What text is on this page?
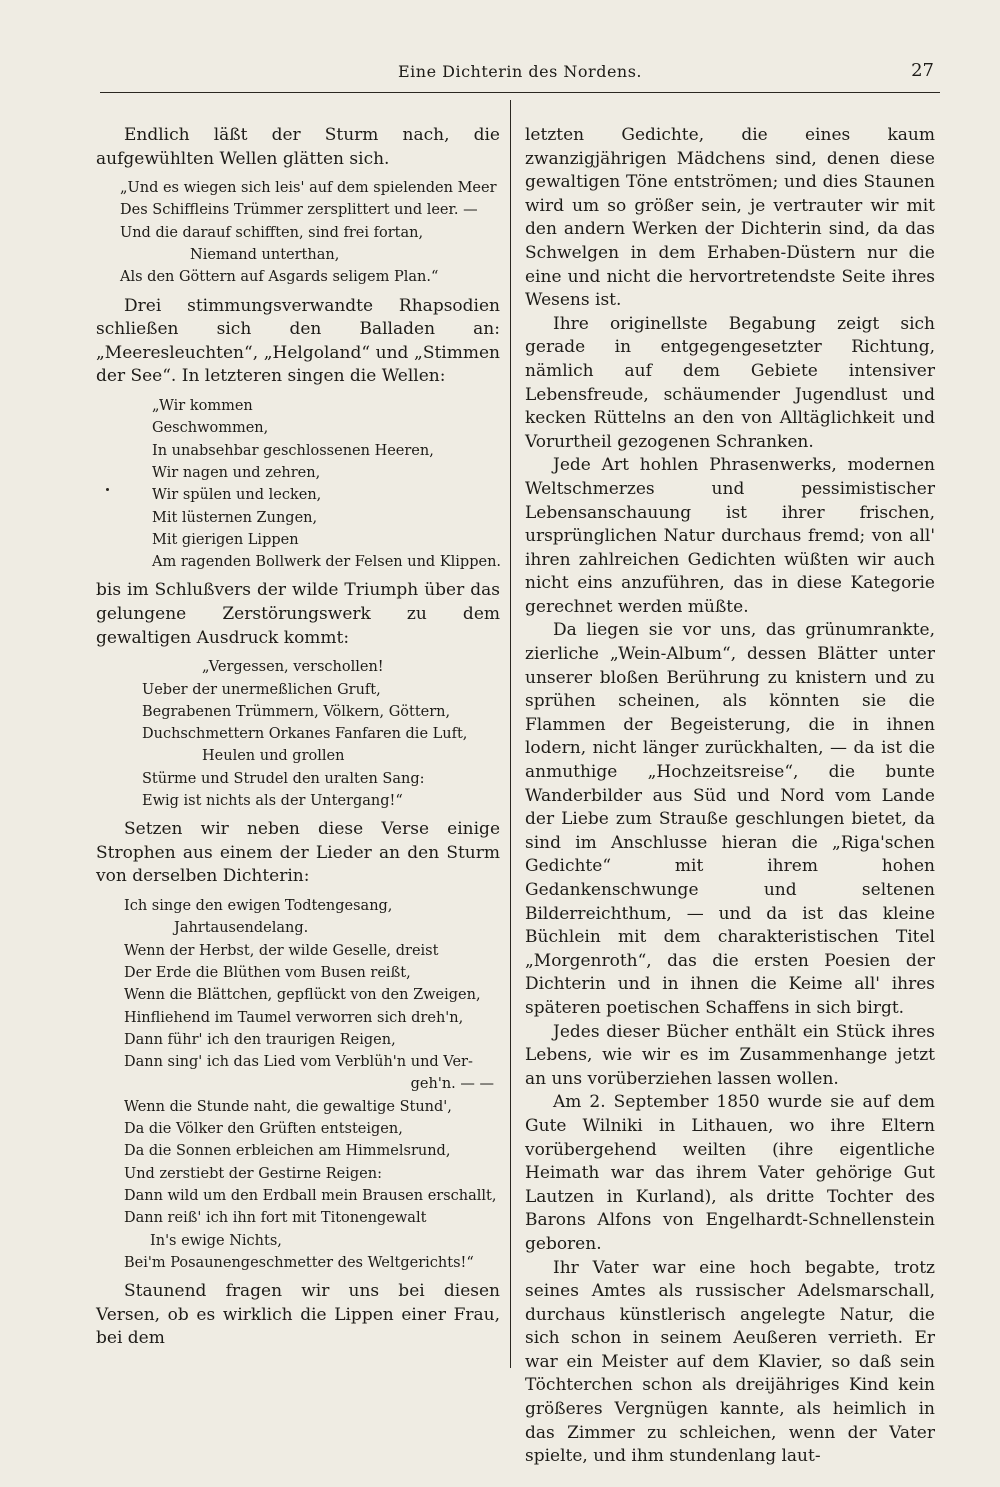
Eine Dichterin des Nordens.	27

Endlich läßt der Sturm nach, die aufgewühlten Wellen glätten sich.

„Und es wiegen sich leis' auf dem spielenden Meer
Des Schiffleins Trümmer zersplittert und leer. —
Und die darauf schifften, sind frei fortan,
Niemand unterthan,
Als den Göttern auf Asgards seligem Plan.“

Drei stimmungsverwandte Rhapsodien schließen sich den Balladen an: „Meeresleuchten“, „Helgoland“ und „Stimmen der See“. In letzteren singen die Wellen:

„Wir kommen
Geschwommen,
In unabsehbar geschlossenen Heeren,
Wir nagen und zehren,
Wir spülen und lecken,
Mit lüsternen Zungen,
Mit gierigen Lippen
Am ragenden Bollwerk der Felsen und Klippen.

bis im Schlußvers der wilde Triumph über das gelungene Zerstörungswerk zu dem gewaltigen Ausdruck kommt:

„Vergessen, verschollen!
Ueber der unermeßlichen Gruft,
Begrabenen Trümmern, Völkern, Göttern,
Duchschmettern Orkanes Fanfaren die Luft,
Heulen und grollen
Stürme und Strudel den uralten Sang:
Ewig ist nichts als der Untergang!“

Setzen wir neben diese Verse einige Strophen aus einem der Lieder an den Sturm von derselben Dichterin:

Ich singe den ewigen Todtengesang,
Jahrtausendelang.
Wenn der Herbst, der wilde Geselle, dreist
Der Erde die Blüthen vom Busen reißt,
Wenn die Blättchen, gepflückt von den Zweigen,
Hinfliehend im Taumel verworren sich dreh'n,
Dann führ' ich den traurigen Reigen,
Dann sing' ich das Lied vom Verblüh'n und Ver-
geh'n. — —
Wenn die Stunde naht, die gewaltige Stund',
Da die Völker den Grüften entsteigen,
Da die Sonnen erbleichen am Himmelsrund,
Und zerstiebt der Gestirne Reigen:
Dann wild um den Erdball mein Brausen erschallt,
Dann reiß' ich ihn fort mit Titonengewalt
In's ewige Nichts,
Bei'm Posaunengeschmetter des Weltgerichts!“

Staunend fragen wir uns bei diesen Versen, ob es wirklich die Lippen einer Frau, bei dem

letzten Gedichte, die eines kaum zwanzigjährigen Mädchens sind, denen diese gewaltigen Töne entströmen; und dies Staunen wird um so größer sein, je vertrauter wir mit den andern Werken der Dichterin sind, da das Schwelgen in dem Erhaben-Düstern nur die eine und nicht die hervortretendste Seite ihres Wesens ist.

Ihre originellste Begabung zeigt sich gerade in entgegengesetzter Richtung, nämlich auf dem Gebiete intensiver Lebensfreude, schäumender Jugendlust und kecken Rüttelns an den von Alltäglichkeit und Vorurtheil gezogenen Schranken.

Jede Art hohlen Phrasenwerks, modernen Weltschmerzes und pessimistischer Lebensanschauung ist ihrer frischen, ursprünglichen Natur durchaus fremd; von all' ihren zahlreichen Gedichten wüßten wir auch nicht eins anzuführen, das in diese Kategorie gerechnet werden müßte.

Da liegen sie vor uns, das grünumrankte, zierliche „Wein-Album“, dessen Blätter unter unserer bloßen Berührung zu knistern und zu sprühen scheinen, als könnten sie die Flammen der Begeisterung, die in ihnen lodern, nicht länger zurückhalten, — da ist die anmuthige „Hochzeitsreise“, die bunte Wanderbilder aus Süd und Nord vom Lande der Liebe zum Strauße geschlungen bietet, da sind im Anschlusse hieran die „Riga'schen Gedichte“ mit ihrem hohen Gedankenschwunge und seltenen Bilderreichthum, — und da ist das kleine Büchlein mit dem charakteristischen Titel „Morgenroth“, das die ersten Poesien der Dichterin und in ihnen die Keime all' ihres späteren poetischen Schaffens in sich birgt.

Jedes dieser Bücher enthält ein Stück ihres Lebens, wie wir es im Zusammenhange jetzt an uns vorüberziehen lassen wollen.

Am 2. September 1850 wurde sie auf dem Gute Wilniki in Lithauen, wo ihre Eltern vorübergehend weilten (ihre eigentliche Heimath war das ihrem Vater gehörige Gut Lautzen in Kurland), als dritte Tochter des Barons Alfons von Engelhardt-Schnellenstein geboren.

Ihr Vater war eine hoch begabte, trotz seines Amtes als russischer Adelsmarschall, durchaus künstlerisch angelegte Natur, die sich schon in seinem Aeußeren verrieth. Er war ein Meister auf dem Klavier, so daß sein Töchterchen schon als dreijähriges Kind kein größeres Vergnügen kannte, als heimlich in das Zimmer zu schleichen, wenn der Vater spielte, und ihm stundenlang laut-
